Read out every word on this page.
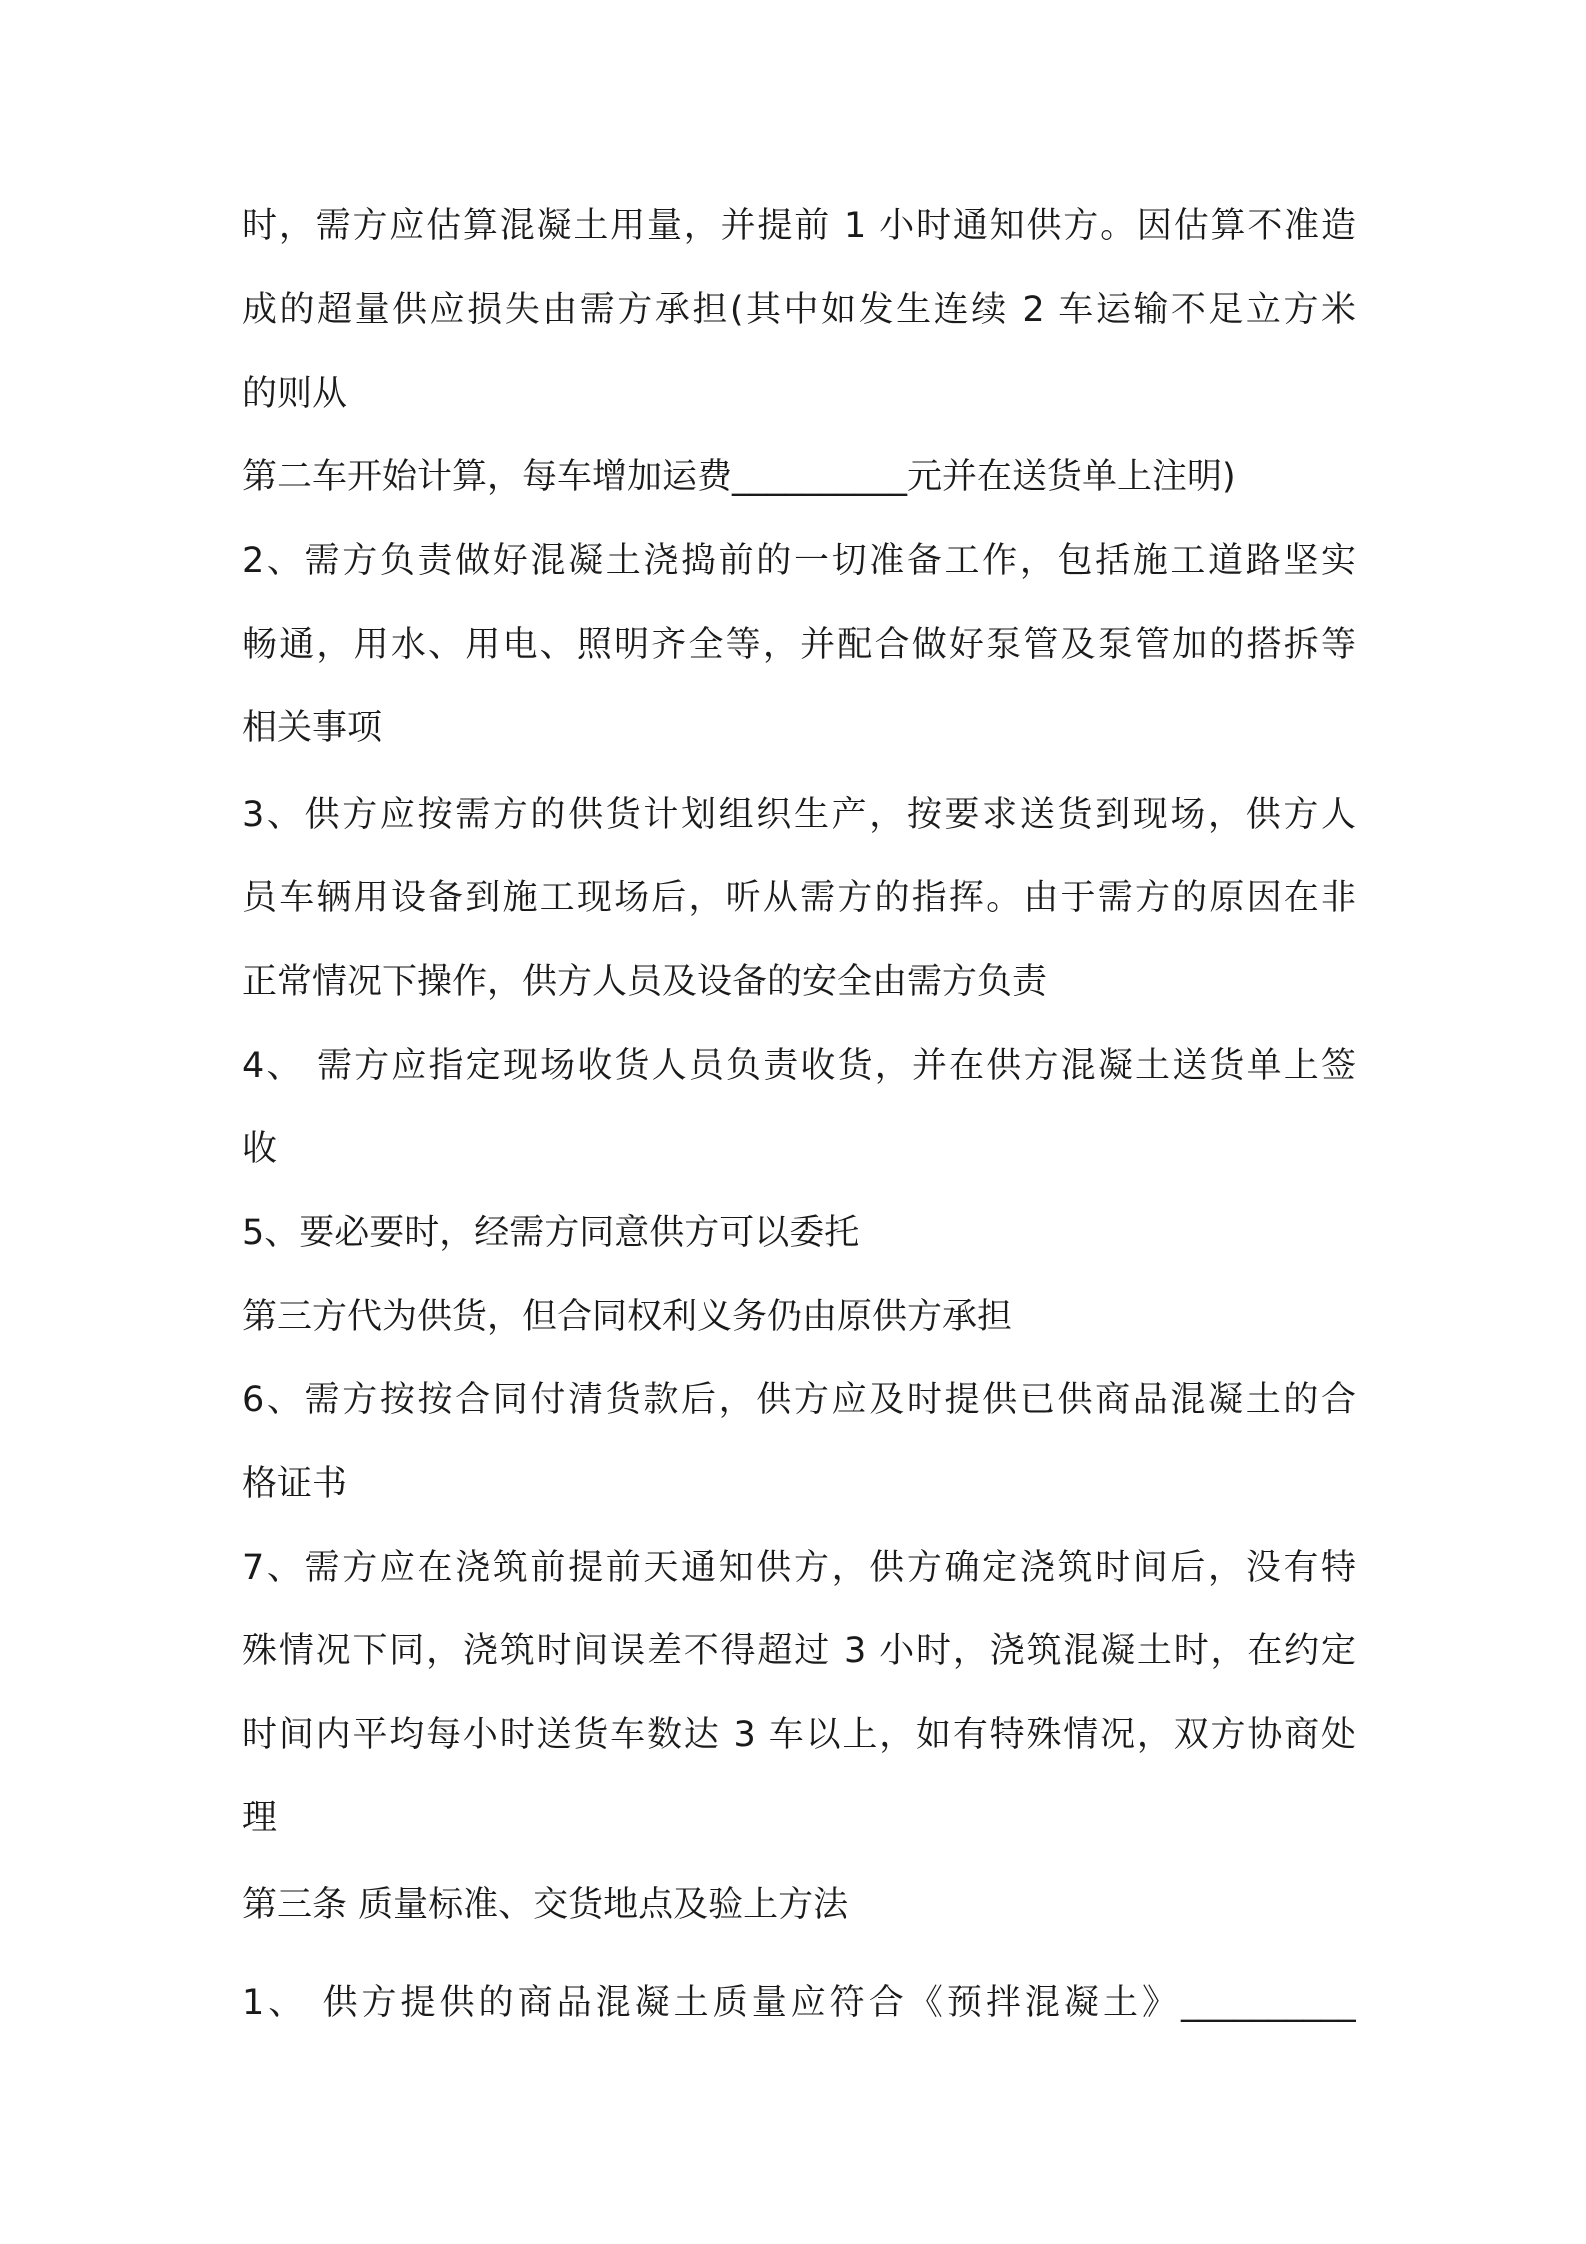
时，需方应估算混凝土用量，并提前 1 小时通知供方。因估算不准造
成的超量供应损失由需方承担(其中如发生连续 2 车运输不足立方米
的则从
第二车开始计算，每车增加运费__________元并在送货单上注明)
2、需方负责做好混凝土浇捣前的一切准备工作，包括施工道路坚实
畅通，用水、用电、照明齐全等，并配合做好泵管及泵管加的搭拆等
相关事项
3、供方应按需方的供货计划组织生产，按要求送货到现场，供方人
员车辆用设备到施工现场后，听从需方的指挥。由于需方的原因在非
正常情况下操作，供方人员及设备的安全由需方负责
4、 需方应指定现场收货人员负责收货，并在供方混凝土送货单上签
收
5、要必要时，经需方同意供方可以委托
第三方代为供货，但合同权利义务仍由原供方承担
6、需方按按合同付清货款后，供方应及时提供已供商品混凝土的合
格证书
7、需方应在浇筑前提前天通知供方，供方确定浇筑时间后，没有特
殊情况下同，浇筑时间误差不得超过 3 小时，浇筑混凝土时，在约定
时间内平均每小时送货车数达 3 车以上，如有特殊情况，双方协商处
理
第三条 质量标准、交货地点及验上方法
1、 供方提供的商品混凝土质量应符合《预拌混凝土》__________
